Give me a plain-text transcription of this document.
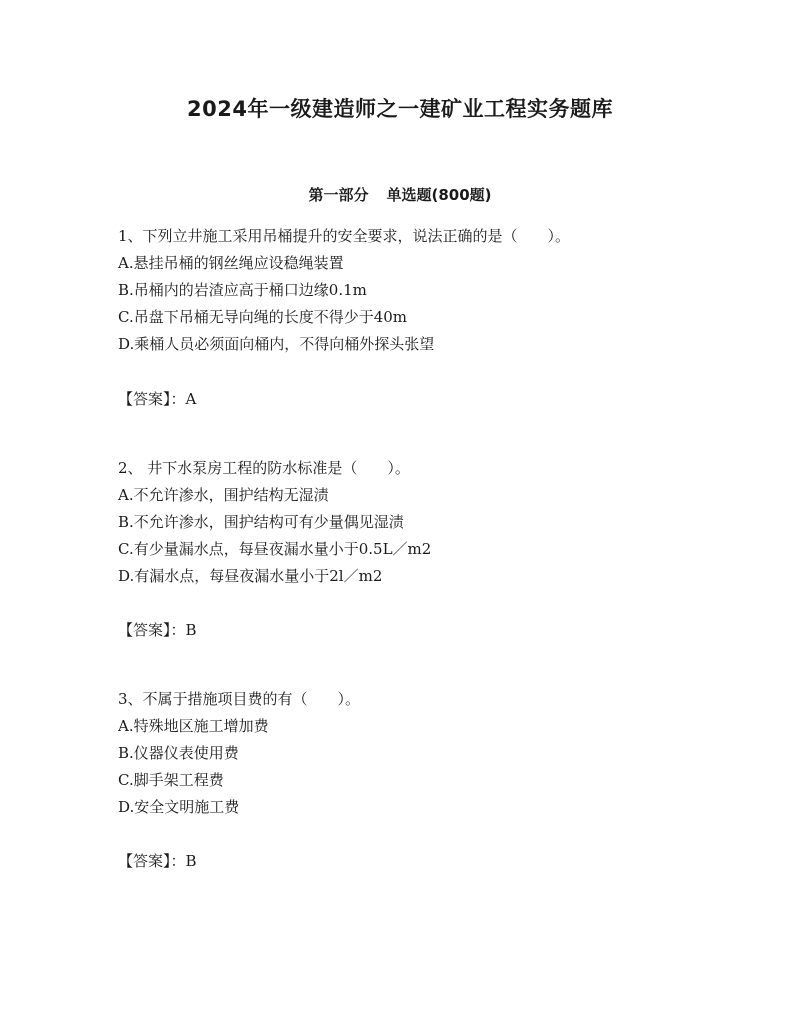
2024年一级建造师之一建矿业工程实务题库
第一部分 单选题(800题)

1、下列立井施工采用吊桶提升的安全要求，说法正确的是（　　）。

A.悬挂吊桶的钢丝绳应设稳绳装置

B.吊桶内的岩渣应高于桶口边缘0.1m

C.吊盘下吊桶无导向绳的长度不得少于40m

D.乘桶人员必须面向桶内，不得向桶外探头张望

【答案】：A

2、 井下水泵房工程的防水标准是（　　）。

A.不允许渗水，围护结构无湿渍

B.不允许渗水，围护结构可有少量偶见湿渍

C.有少量漏水点，每昼夜漏水量小于0.5L／m2

D.有漏水点，每昼夜漏水量小于2l／m2

【答案】：B

3、不属于措施项目费的有（　　）。

A.特殊地区施工增加费

B.仪器仪表使用费

C.脚手架工程费

D.安全文明施工费

【答案】：B
